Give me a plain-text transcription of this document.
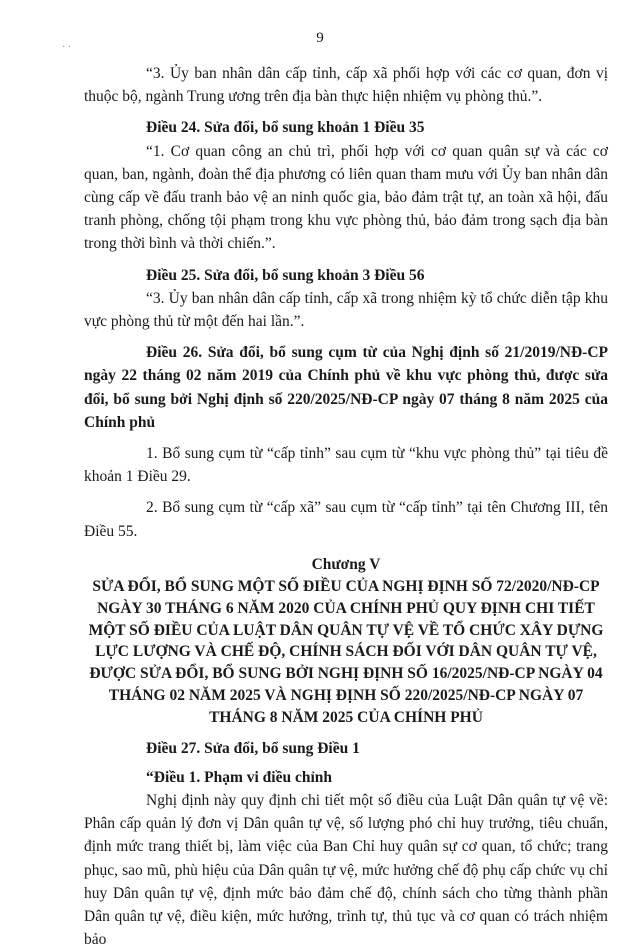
· ·
9

“3. Ủy ban nhân dân cấp tỉnh, cấp xã phối hợp với các cơ quan, đơn vị thuộc bộ, ngành Trung ương trên địa bàn thực hiện nhiệm vụ phòng thủ.”.

Điều 24. Sửa đổi, bổ sung khoản 1 Điều 35

“1. Cơ quan công an chủ trì, phối hợp với cơ quan quân sự và các cơ quan, ban, ngành, đoàn thể địa phương có liên quan tham mưu với Ủy ban nhân dân cùng cấp về đấu tranh bảo vệ an ninh quốc gia, bảo đảm trật tự, an toàn xã hội, đấu tranh phòng, chống tội phạm trong khu vực phòng thủ, bảo đảm trong sạch địa bàn trong thời bình và thời chiến.”.

Điều 25. Sửa đổi, bổ sung khoản 3 Điều 56

“3. Ủy ban nhân dân cấp tỉnh, cấp xã trong nhiệm kỳ tổ chức diễn tập khu vực phòng thủ từ một đến hai lần.”.

Điều 26. Sửa đổi, bổ sung cụm từ của Nghị định số 21/2019/NĐ-CP ngày 22 tháng 02 năm 2019 của Chính phủ về khu vực phòng thủ, được sửa đổi, bổ sung bởi Nghị định số 220/2025/NĐ-CP ngày 07 tháng 8 năm 2025 của Chính phủ

1. Bổ sung cụm từ “cấp tỉnh” sau cụm từ “khu vực phòng thủ” tại tiêu đề khoản 1 Điều 29.

2. Bổ sung cụm từ “cấp xã” sau cụm từ “cấp tỉnh” tại tên Chương III, tên Điều 55.

Chương V

SỬA ĐỔI, BỔ SUNG MỘT SỐ ĐIỀU CỦA NGHỊ ĐỊNH SỐ 72/2020/NĐ-CP NGÀY 30 THÁNG 6 NĂM 2020 CỦA CHÍNH PHỦ QUY ĐỊNH CHI TIẾT MỘT SỐ ĐIỀU CỦA LUẬT DÂN QUÂN TỰ VỆ VỀ TỔ CHỨC XÂY DỰNG LỰC LƯỢNG VÀ CHẾ ĐỘ, CHÍNH SÁCH ĐỐI VỚI DÂN QUÂN TỰ VỆ, ĐƯỢC SỬA ĐỔI, BỔ SUNG BỞI NGHỊ ĐỊNH SỐ 16/2025/NĐ-CP NGÀY 04 THÁNG 02 NĂM 2025 VÀ NGHỊ ĐỊNH SỐ 220/2025/NĐ-CP NGÀY 07 THÁNG 8 NĂM 2025 CỦA CHÍNH PHỦ

Điều 27. Sửa đổi, bổ sung Điều 1

“Điều 1. Phạm vi điều chỉnh

Nghị định này quy định chi tiết một số điều của Luật Dân quân tự vệ về: Phân cấp quản lý đơn vị Dân quân tự vệ, số lượng phó chỉ huy trưởng, tiêu chuẩn, định mức trang thiết bị, làm việc của Ban Chỉ huy quân sự cơ quan, tổ chức; trang phục, sao mũ, phù hiệu của Dân quân tự vệ, mức hưởng chế độ phụ cấp chức vụ chỉ huy Dân quân tự vệ, định mức bảo đảm chế độ, chính sách cho từng thành phần Dân quân tự vệ, điều kiện, mức hưởng, trình tự, thủ tục và cơ quan có trách nhiệm bảo
